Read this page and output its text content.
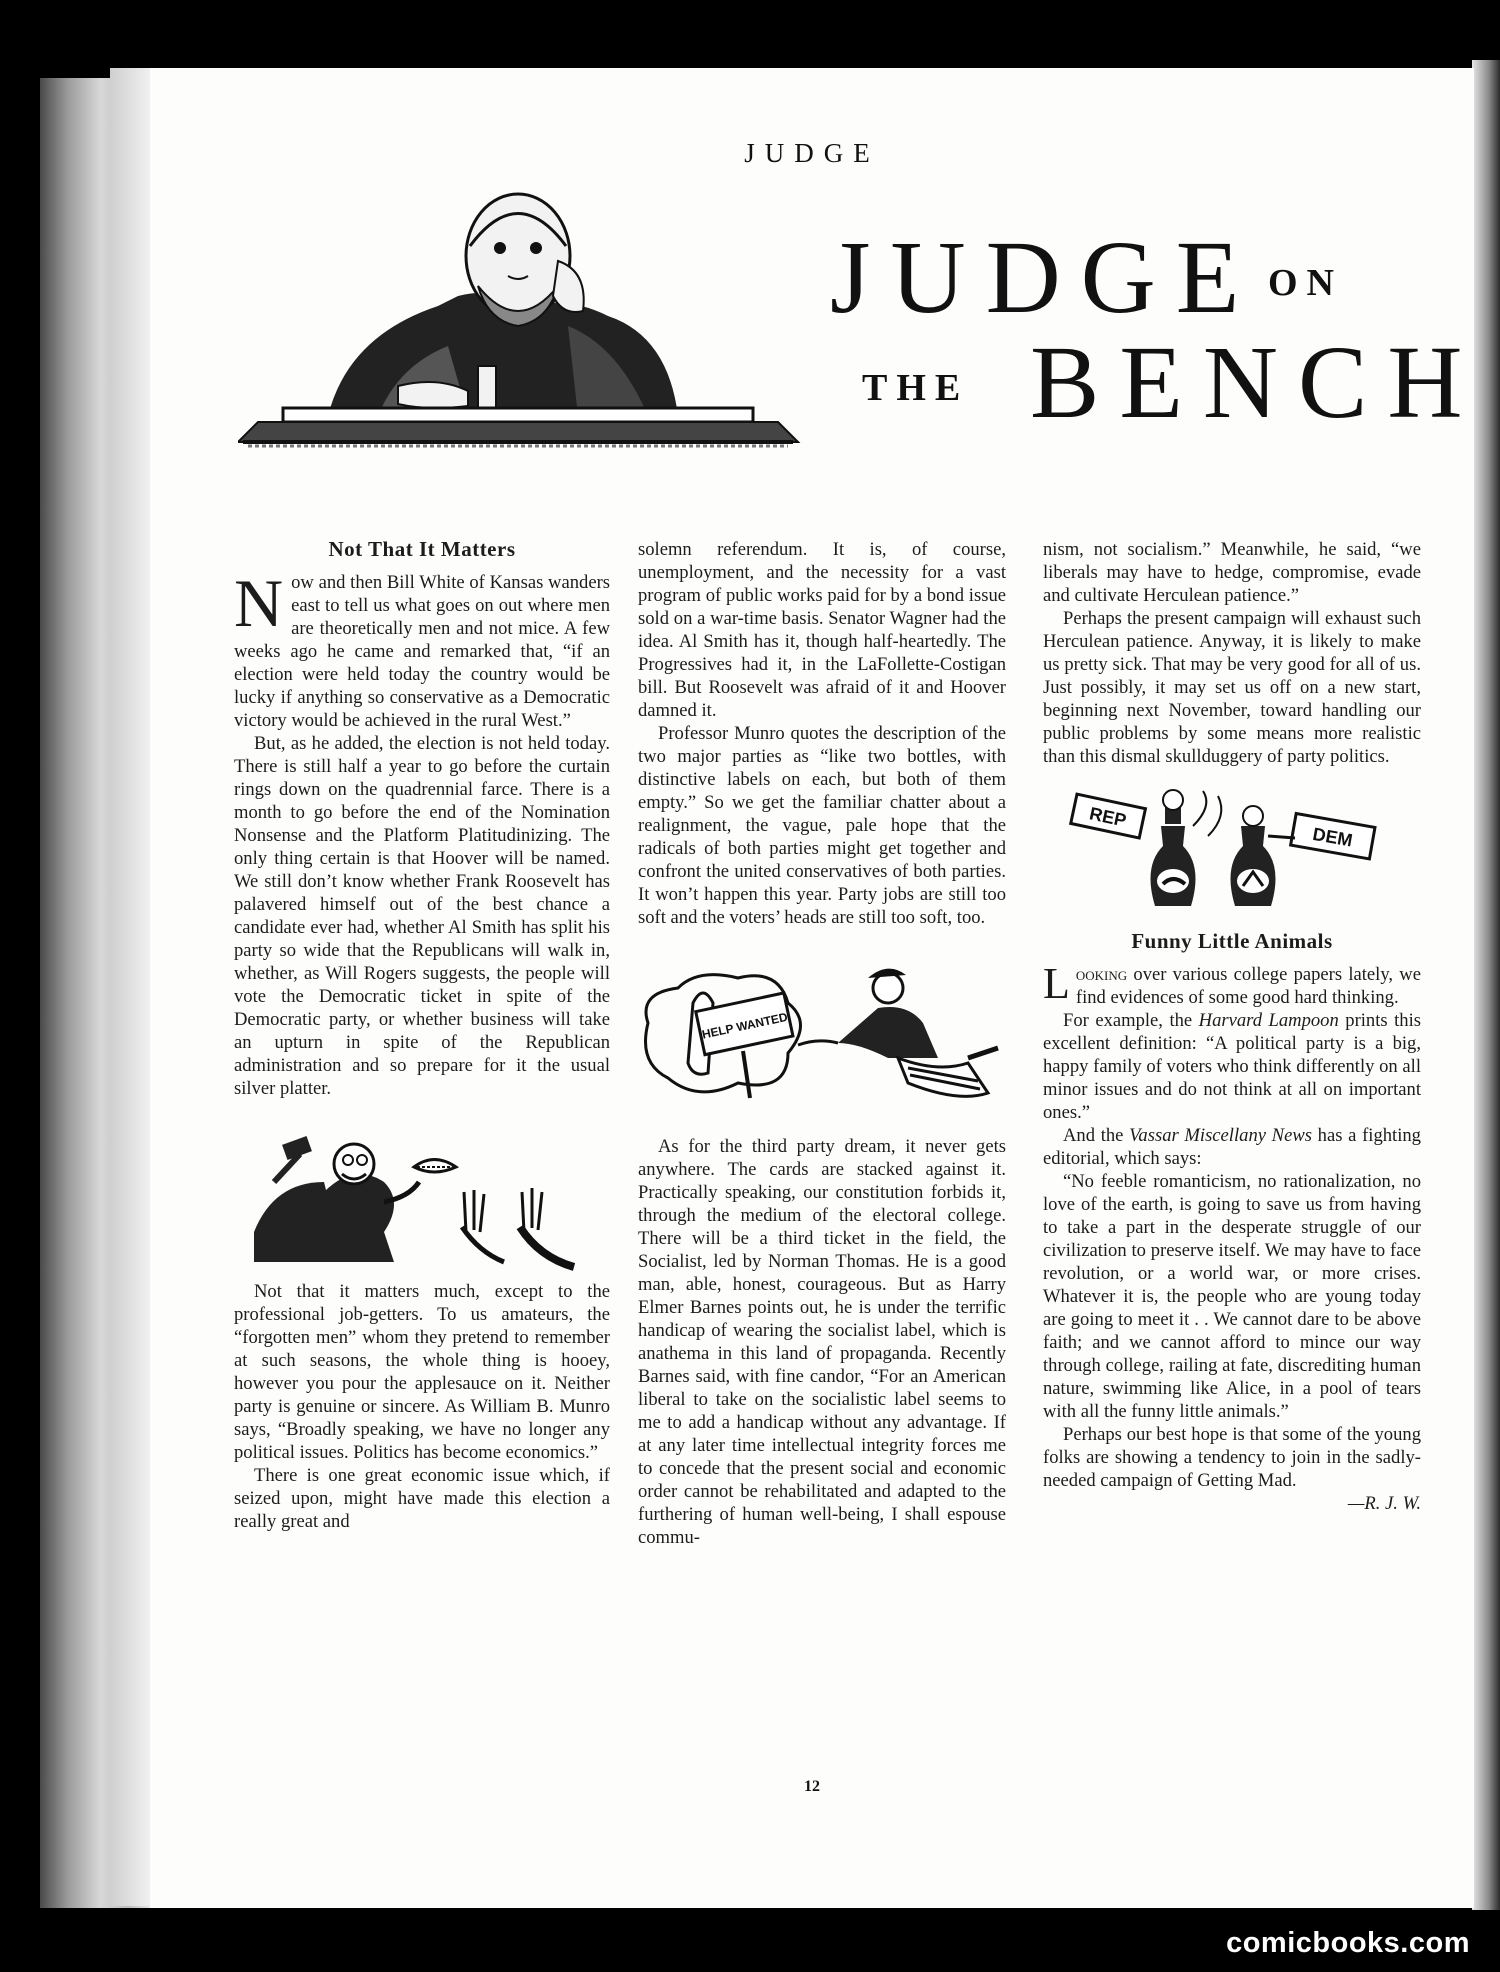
JUDGE
JUDGE ON
THE BENCH
Not That It Matters

Now and then Bill White of Kansas wanders east to tell us what goes on out where men are theoretically men and not mice. A few weeks ago he came and remarked that, “if an election were held today the country would be lucky if anything so conservative as a Democratic victory would be achieved in the rural West.”

But, as he added, the election is not held today. There is still half a year to go before the curtain rings down on the quadrennial farce. There is a month to go before the end of the Nomination Nonsense and the Platform Platitudinizing. The only thing certain is that Hoover will be named. We still don’t know whether Frank Roosevelt has palavered himself out of the best chance a candidate ever had, whether Al Smith has split his party so wide that the Republicans will walk in, whether, as Will Rogers suggests, the people will vote the Democratic ticket in spite of the Democratic party, or whether business will take an upturn in spite of the Republican administration and so prepare for it the usual silver platter.

Not that it matters much, except to the professional job-getters. To us amateurs, the “forgotten men” whom they pretend to remember at such seasons, the whole thing is hooey, however you pour the applesauce on it. Neither party is genuine or sincere. As William B. Munro says, “Broadly speaking, we have no longer any political issues. Politics has become economics.”

There is one great economic issue which, if seized upon, might have made this election a really great and

solemn referendum. It is, of course, unemployment, and the necessity for a vast program of public works paid for by a bond issue sold on a war-time basis. Senator Wagner had the idea. Al Smith has it, though half-heartedly. The Progressives had it, in the LaFollette-Costigan bill. But Roosevelt was afraid of it and Hoover damned it.

Professor Munro quotes the description of the two major parties as “like two bottles, with distinctive labels on each, but both of them empty.” So we get the familiar chatter about a realignment, the vague, pale hope that the radicals of both parties might get together and confront the united conservatives of both parties. It won’t happen this year. Party jobs are still too soft and the voters’ heads are still too soft, too.

HELP WANTED

As for the third party dream, it never gets anywhere. The cards are stacked against it. Practically speaking, our constitution forbids it, through the medium of the electoral college. There will be a third ticket in the field, the Socialist, led by Norman Thomas. He is a good man, able, honest, courageous. But as Harry Elmer Barnes points out, he is under the terrific handicap of wearing the socialist label, which is anathema in this land of propaganda. Recently Barnes said, with fine candor, “For an American liberal to take on the socialistic label seems to me to add a handicap without any advantage. If at any later time intellectual integrity forces me to concede that the present social and economic order cannot be rehabilitated and adapted to the furthering of human well-being, I shall espouse commu-

nism, not socialism.” Meanwhile, he said, “we liberals may have to hedge, compromise, evade and cultivate Herculean patience.”

Perhaps the present campaign will exhaust such Herculean patience. Anyway, it is likely to make us pretty sick. That may be very good for all of us. Just possibly, it may set us off on a new start, beginning next November, toward handling our public problems by some means more realistic than this dismal skullduggery of party politics.

REP
DEM
Funny Little Animals

Looking over various college papers lately, we find evidences of some good hard thinking.

For example, the Harvard Lampoon prints this excellent definition: “A political party is a big, happy family of voters who think differently on all minor issues and do not think at all on important ones.”

And the Vassar Miscellany News has a fighting editorial, which says:

“No feeble romanticism, no rationalization, no love of the earth, is going to save us from having to take a part in the desperate struggle of our civilization to preserve itself. We may have to face revolution, or a world war, or more crises. Whatever it is, the people who are young today are going to meet it . . We cannot dare to be above faith; and we cannot afford to mince our way through college, railing at fate, discrediting human nature, swimming like Alice, in a pool of tears with all the funny little animals.”

Perhaps our best hope is that some of the young folks are showing a tendency to join in the sadly-needed campaign of Getting Mad.

—R. J. W.

12
comicbooks.com
